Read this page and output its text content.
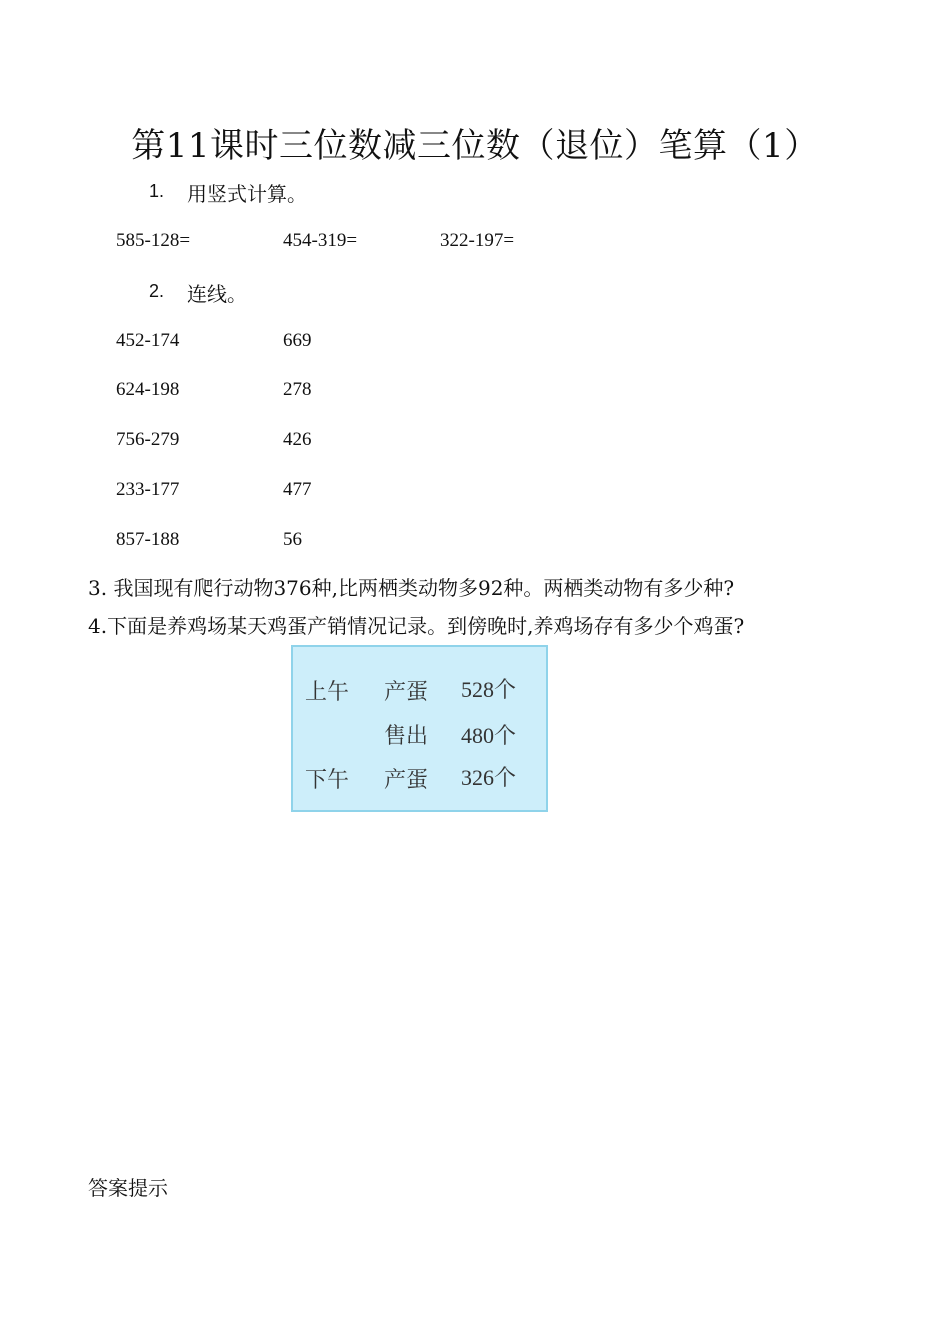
第11课时三位数减三位数（退位）笔算（1）
1. 用竖式计算。
585-128=	454-319=	322-197=
2. 连线。
452-174
624-198
756-279
233-177
857-188
669
278
426
477
56
3. 我国现有爬行动物376种,比两栖类动物多92种。两栖类动物有多少种?
4.下面是养鸡场某天鸡蛋产销情况记录。到傍晚时,养鸡场存有多少个鸡蛋?
上午 产蛋 528个
售出 480个
下午 产蛋 326个
答案提示
